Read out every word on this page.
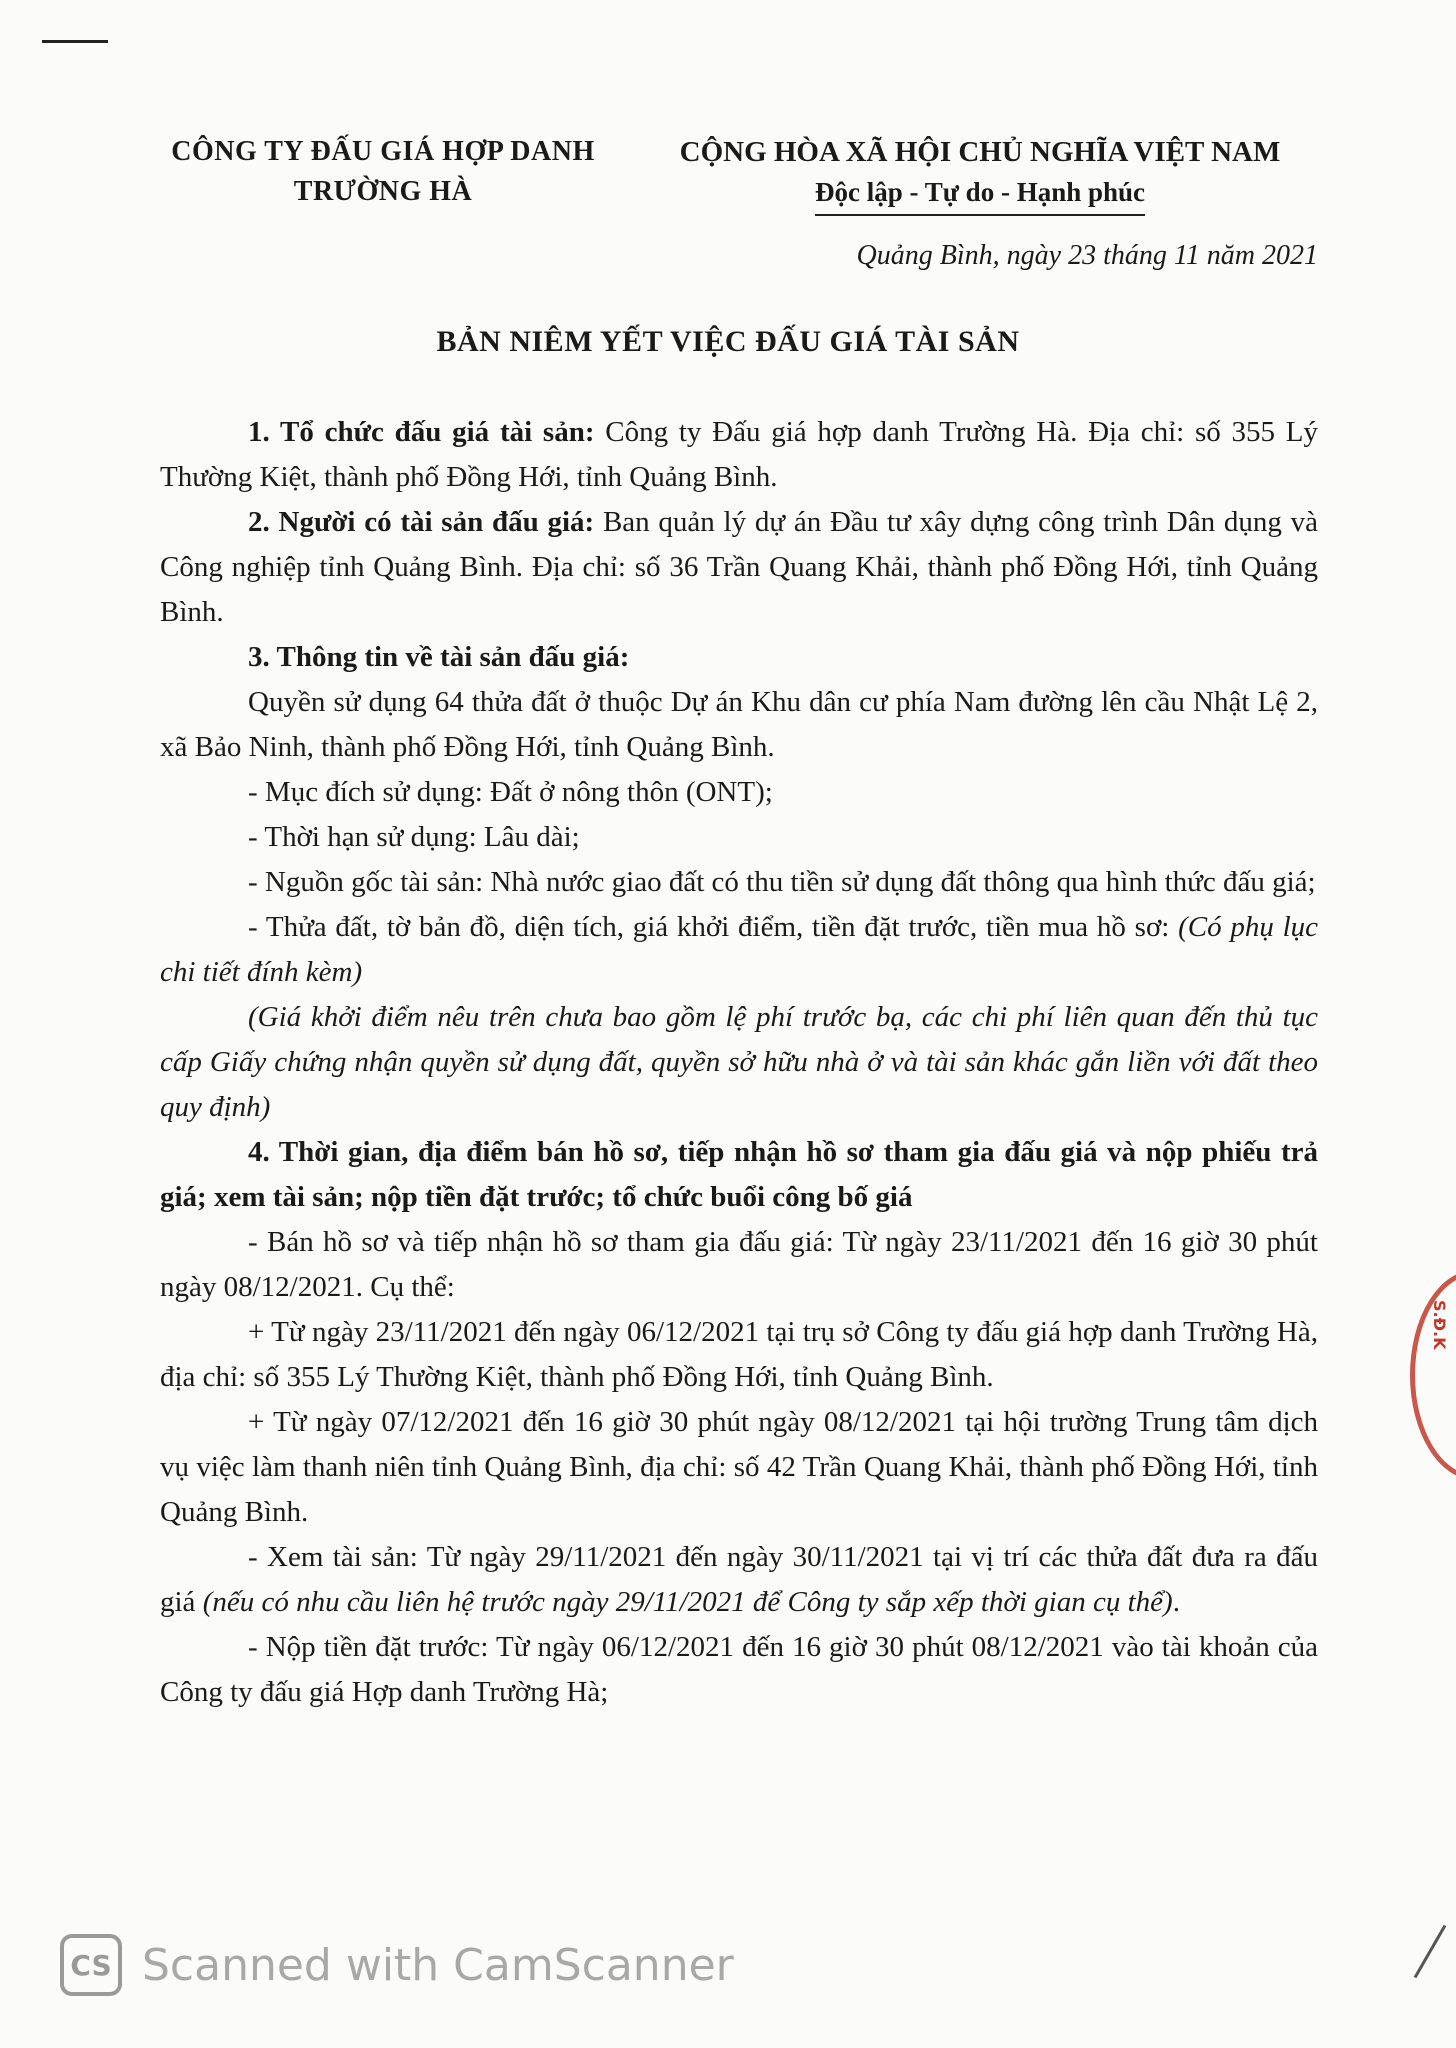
CÔNG TY ĐẤU GIÁ HỢP DANH
TRƯỜNG HÀ
CỘNG HÒA XÃ HỘI CHỦ NGHĨA VIỆT NAM
Độc lập - Tự do - Hạnh phúc
Quảng Bình, ngày 23 tháng 11 năm 2021
BẢN NIÊM YẾT VIỆC ĐẤU GIÁ TÀI SẢN

1. Tổ chức đấu giá tài sản: Công ty Đấu giá hợp danh Trường Hà. Địa chỉ: số 355 Lý Thường Kiệt, thành phố Đồng Hới, tỉnh Quảng Bình.

2. Người có tài sản đấu giá: Ban quản lý dự án Đầu tư xây dựng công trình Dân dụng và Công nghiệp tỉnh Quảng Bình. Địa chỉ: số 36 Trần Quang Khải, thành phố Đồng Hới, tỉnh Quảng Bình.

3. Thông tin về tài sản đấu giá:

Quyền sử dụng 64 thửa đất ở thuộc Dự án Khu dân cư phía Nam đường lên cầu Nhật Lệ 2, xã Bảo Ninh, thành phố Đồng Hới, tỉnh Quảng Bình.

- Mục đích sử dụng: Đất ở nông thôn (ONT);

- Thời hạn sử dụng: Lâu dài;

- Nguồn gốc tài sản: Nhà nước giao đất có thu tiền sử dụng đất thông qua hình thức đấu giá;

- Thửa đất, tờ bản đồ, diện tích, giá khởi điểm, tiền đặt trước, tiền mua hồ sơ: (Có phụ lục chi tiết đính kèm)

(Giá khởi điểm nêu trên chưa bao gồm lệ phí trước bạ, các chi phí liên quan đến thủ tục cấp Giấy chứng nhận quyền sử dụng đất, quyền sở hữu nhà ở và tài sản khác gắn liền với đất theo quy định)

4. Thời gian, địa điểm bán hồ sơ, tiếp nhận hồ sơ tham gia đấu giá và nộp phiếu trả giá; xem tài sản; nộp tiền đặt trước; tổ chức buổi công bố giá

- Bán hồ sơ và tiếp nhận hồ sơ tham gia đấu giá: Từ ngày 23/11/2021 đến 16 giờ 30 phút ngày 08/12/2021. Cụ thể:

+ Từ ngày 23/11/2021 đến ngày 06/12/2021 tại trụ sở Công ty đấu giá hợp danh Trường Hà, địa chỉ: số 355 Lý Thường Kiệt, thành phố Đồng Hới, tỉnh Quảng Bình.

+ Từ ngày 07/12/2021 đến 16 giờ 30 phút ngày 08/12/2021 tại hội trường Trung tâm dịch vụ việc làm thanh niên tỉnh Quảng Bình, địa chỉ: số 42 Trần Quang Khải, thành phố Đồng Hới, tỉnh Quảng Bình.

- Xem tài sản: Từ ngày 29/11/2021 đến ngày 30/11/2021 tại vị trí các thửa đất đưa ra đấu giá (nếu có nhu cầu liên hệ trước ngày 29/11/2021 để Công ty sắp xếp thời gian cụ thể).

- Nộp tiền đặt trước: Từ ngày 06/12/2021 đến 16 giờ 30 phút 08/12/2021 vào tài khoản của Công ty đấu giá Hợp danh Trường Hà;

S.Đ.K
CS Scanned with CamScanner
